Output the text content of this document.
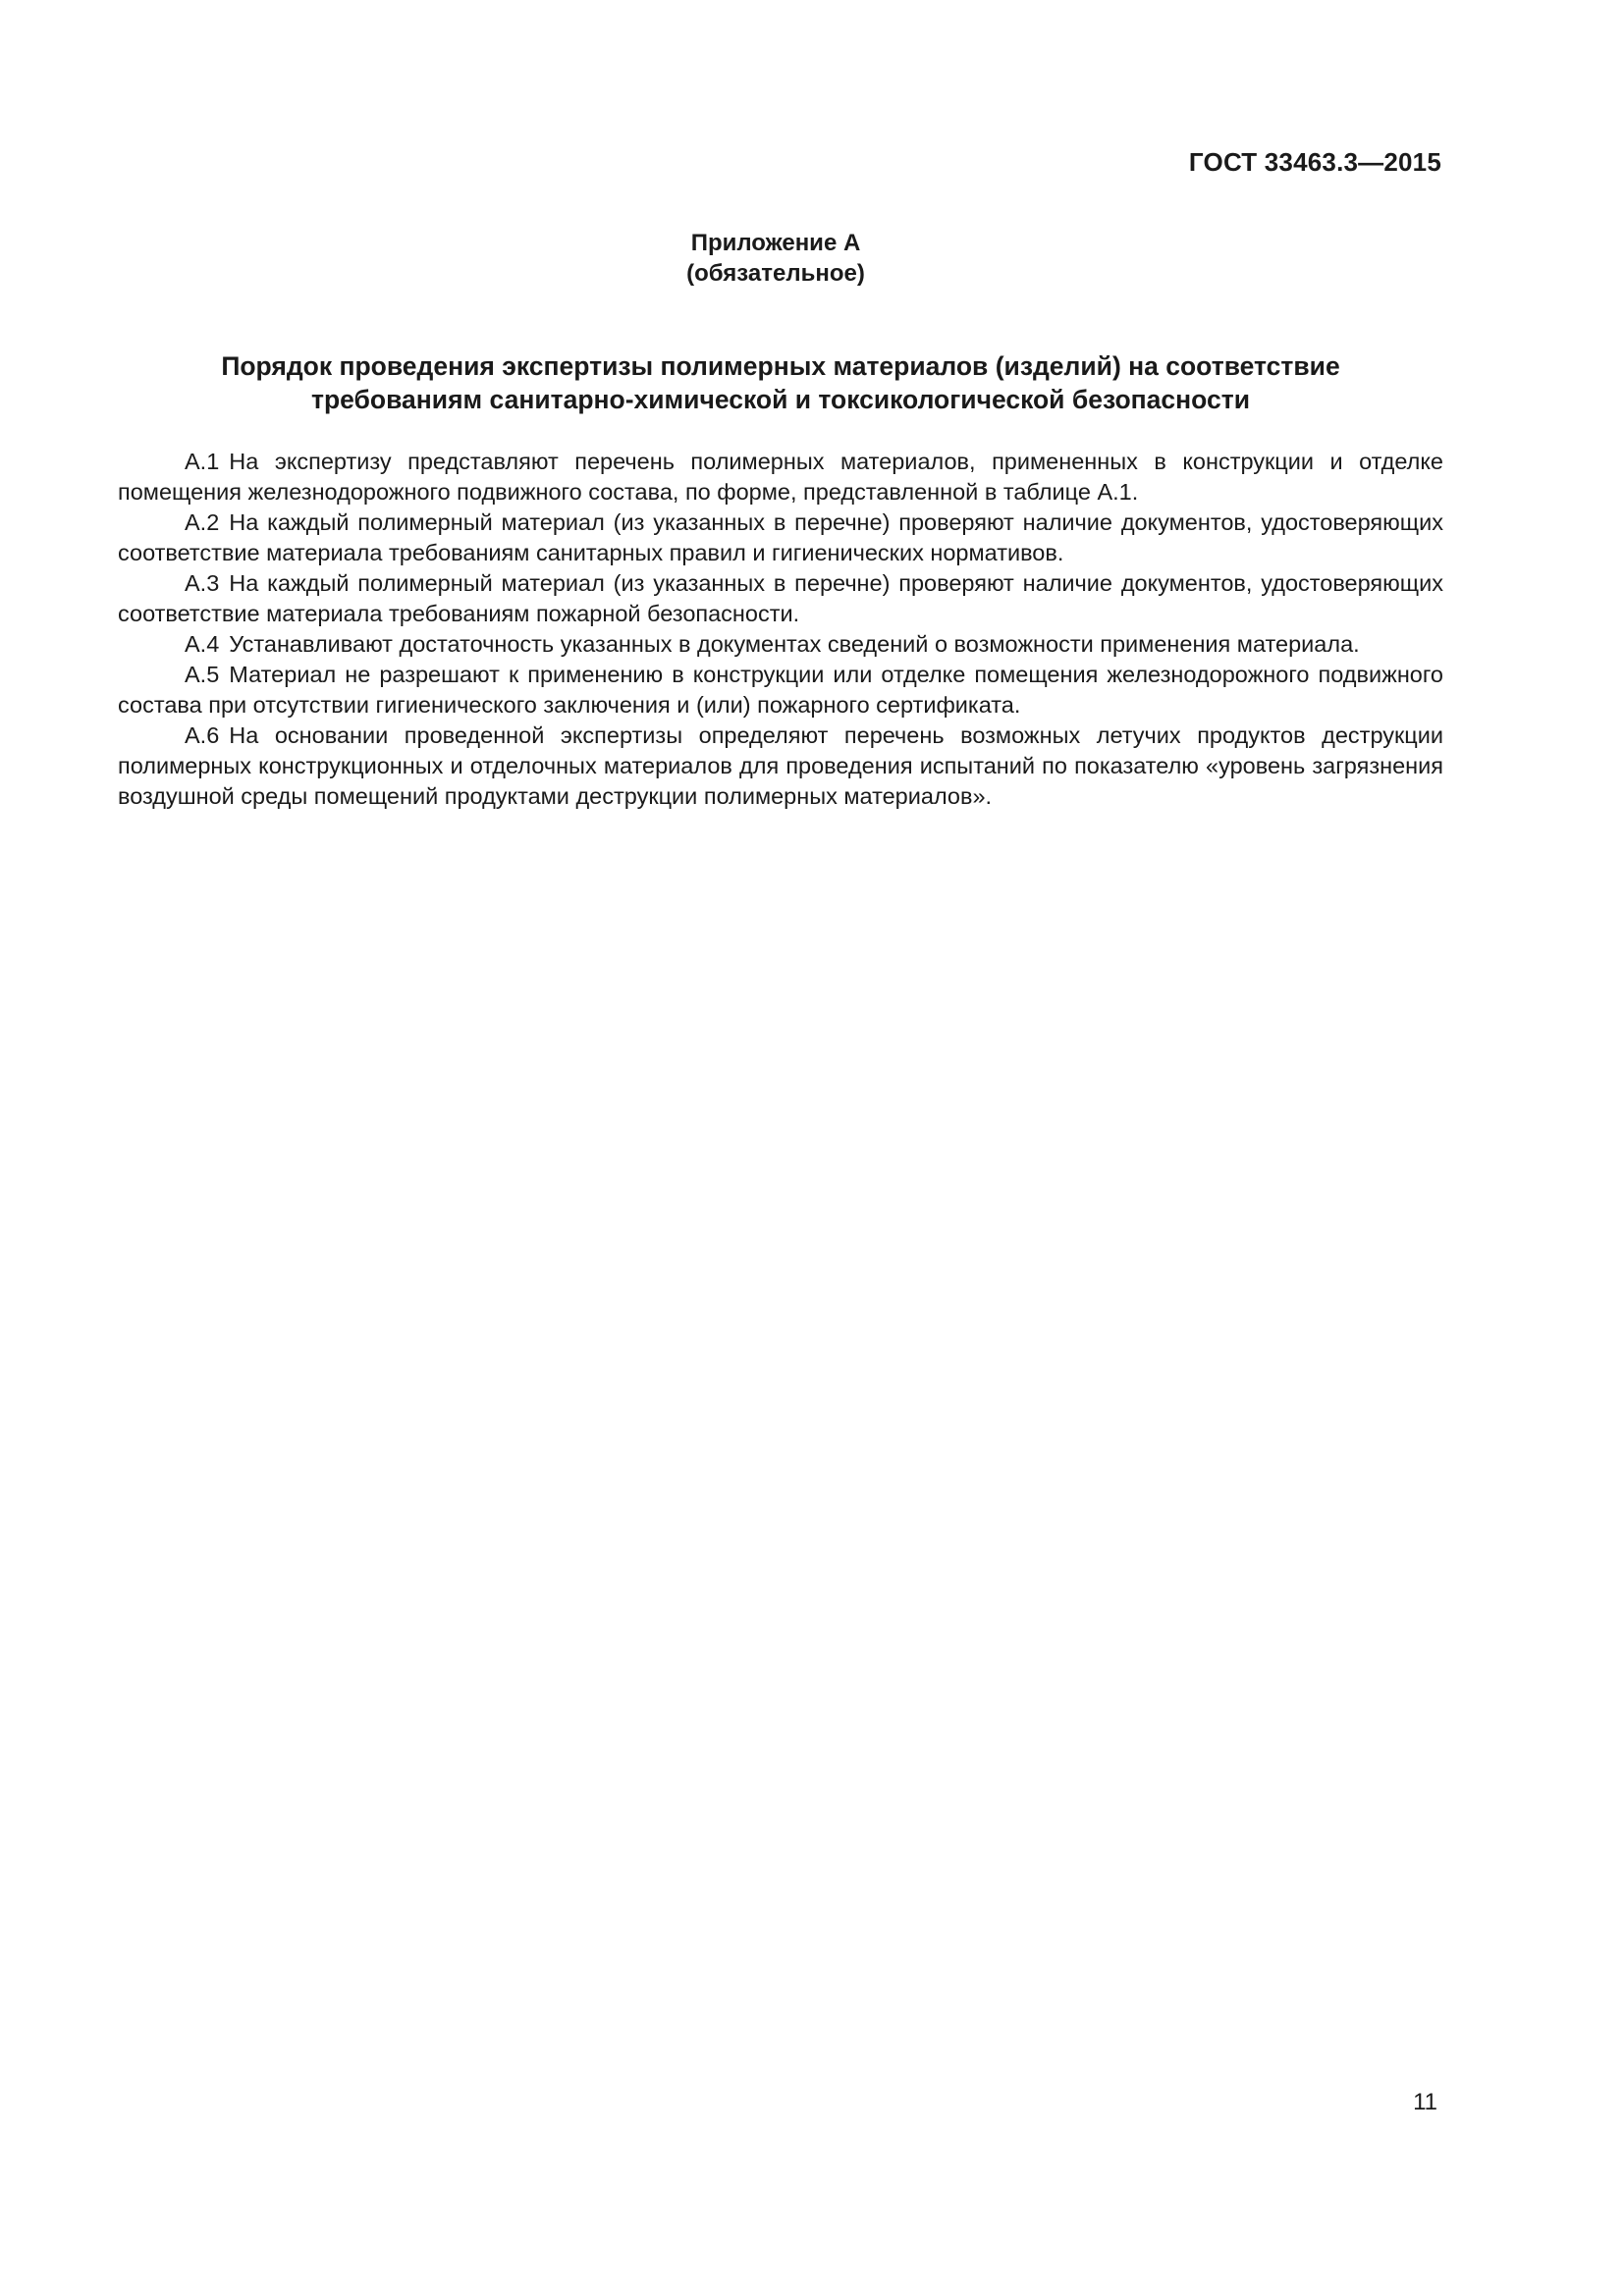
ГОСТ 33463.3—2015
Приложение А
(обязательное)
Порядок проведения экспертизы полимерных материалов (изделий) на соответствие
требованиям санитарно-химической и токсикологической безопасности

А.1 На экспертизу представляют перечень полимерных материалов, примененных в конструкции и отделке помещения железнодорожного подвижного состава, по форме, представленной в таблице А.1.

А.2 На каждый полимерный материал (из указанных в перечне) проверяют наличие документов, удостоверяющих соответствие материала требованиям санитарных правил и гигиенических нормативов.

А.3 На каждый полимерный материал (из указанных в перечне) проверяют наличие документов, удостоверяющих соответствие материала требованиям пожарной безопасности.

А.4 Устанавливают достаточность указанных в документах сведений о возможности применения материала.

А.5 Материал не разрешают к применению в конструкции или отделке помещения железнодорожного подвижного состава при отсутствии гигиенического заключения и (или) пожарного сертификата.

А.6 На основании проведенной экспертизы определяют перечень возможных летучих продуктов деструкции полимерных конструкционных и отделочных материалов для проведения испытаний по показателю «уровень загрязнения воздушной среды помещений продуктами деструкции полимерных материалов».

11
